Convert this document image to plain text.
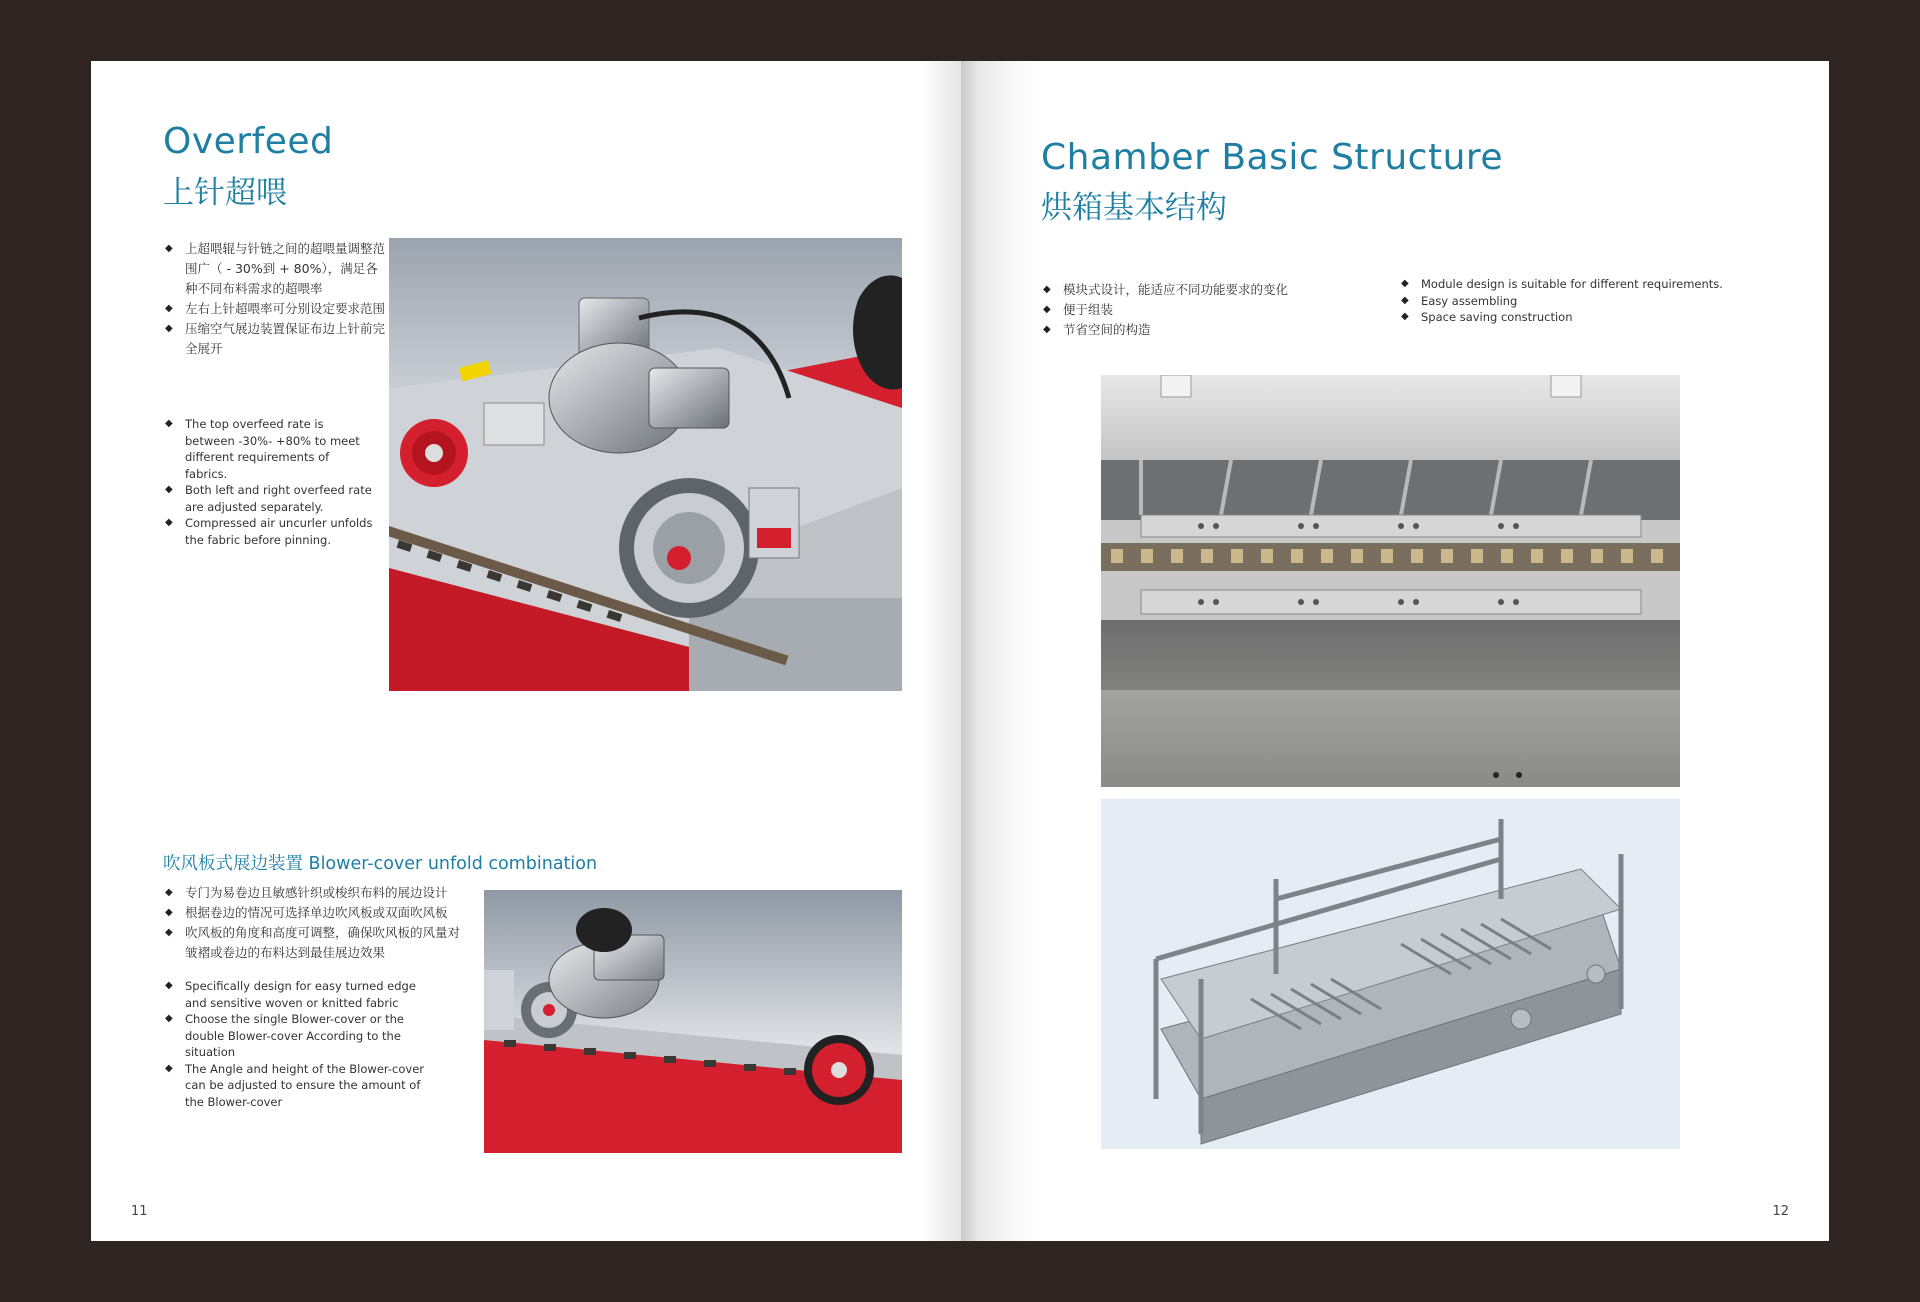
Overfeed
上针超喂
◆ 上超喂辊与针链之间的超喂量调整范围广（ - 30%到 + 80%），满足各种不同布料需求的超喂率
◆ 左右上针超喂率可分别设定要求范围
◆ 压缩空气展边装置保证布边上针前完全展开
◆ The top overfeed rate is between -30%- +80% to meet different requirements of fabrics.
◆ Both left and right overfeed rate are adjusted separately.
◆ Compressed air uncurler unfolds the fabric before pinning.
吹风板式展边装置 Blower-cover unfold combination
◆ 专门为易卷边且敏感针织或梭织布料的展边设计
◆ 根据卷边的情况可选择单边吹风板或双面吹风板
◆ 吹风板的角度和高度可调整，确保吹风板的风量对皱褶或卷边的布料达到最佳展边效果
◆ Specifically design for easy turned edge and sensitive woven or knitted fabric
◆ Choose the single Blower-cover or the double Blower-cover According to the situation
◆ The Angle and height of the Blower-cover can be adjusted to ensure the amount of the Blower-cover
11
Chamber Basic Structure
烘箱基本结构
◆ 模块式设计，能适应不同功能要求的变化
◆ 便于组装
◆ 节省空间的构造
◆ Module design is suitable for different requirements.
◆ Easy assembling
◆ Space saving construction
12
